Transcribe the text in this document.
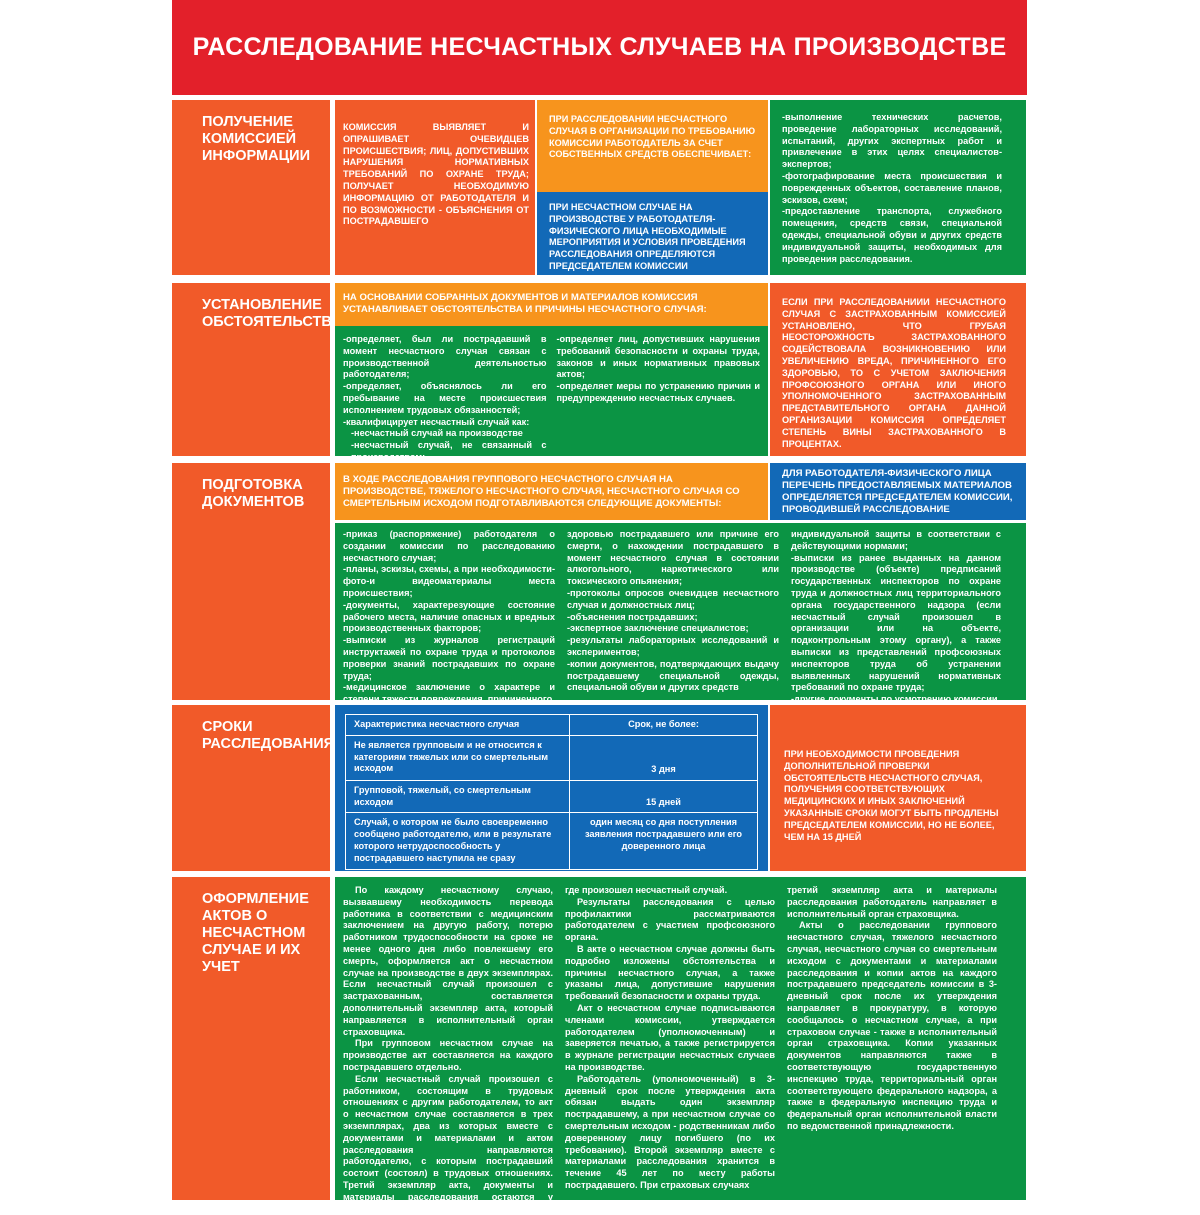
РАССЛЕДОВАНИЕ НЕСЧАСТНЫХ СЛУЧАЕВ НА ПРОИЗВОДСТВЕ
ПОЛУЧЕНИЕ КОМИССИЕЙ ИНФОРМАЦИИ
КОМИССИЯ ВЫЯВЛЯЕТ И ОПРАШИВАЕТ ОЧЕВИДЦЕВ ПРОИСШЕСТВИЯ; ЛИЦ, ДОПУСТИВШИХ НАРУШЕНИЯ НОРМАТИВНЫХ ТРЕБОВАНИЙ ПО ОХРАНЕ ТРУДА; ПОЛУЧАЕТ НЕОБХОДИМУЮ ИНФОРМАЦИЮ ОТ РАБОТОДАТЕЛЯ И ПО ВОЗМОЖНОСТИ - ОБЪЯСНЕНИЯ ОТ ПОСТРАДАВШЕГО
ПРИ РАССЛЕДОВАНИИ НЕСЧАСТНОГО СЛУЧАЯ В ОРГАНИЗАЦИИ ПО ТРЕБОВАНИЮ КОМИССИИ РАБОТОДАТЕЛЬ ЗА СЧЕТ СОБСТВЕННЫХ СРЕДСТВ ОБЕСПЕЧИВАЕТ:
ПРИ НЕСЧАСТНОМ СЛУЧАЕ НА ПРОИЗВОДСТВЕ У РАБОТОДАТЕЛЯ-ФИЗИЧЕСКОГО ЛИЦА НЕОБХОДИМЫЕ МЕРОПРИЯТИЯ И УСЛОВИЯ ПРОВЕДЕНИЯ РАССЛЕДОВАНИЯ ОПРЕДЕЛЯЮТСЯ ПРЕДСЕДАТЕЛЕМ КОМИССИИ
-выполнение технических расчетов, проведение лабораторных исследований, испытаний, других экспертных работ и привлечение в этих целях специалистов-экспертов;
-фотографирование места происшествия и поврежденных объектов, составление планов, эскизов, схем;
-предоставление транспорта, служебного помещения, средств связи, специальной одежды, специальной обуви и других средств индивидуальной защиты, необходимых для проведения расследования.
УСТАНОВЛЕНИЕ ОБСТОЯТЕЛЬСТВ
НА ОСНОВАНИИ СОБРАННЫХ ДОКУМЕНТОВ И МАТЕРИАЛОВ КОМИССИЯ УСТАНАВЛИВАЕТ ОБСТОЯТЕЛЬСТВА И ПРИЧИНЫ НЕСЧАСТНОГО СЛУЧАЯ:
-определяет, был ли пострадавший в момент несчастного случая связан с производственной деятельностью работодателя;
-определяет, объяснялось ли его пребывание на месте происшествия исполнением трудовых обязанностей;
-квалифицирует несчастный случай как:
-несчастный случай на производстве
-несчастный случай, не связанный с производством;
-определяет лиц, допустивших нарушения требований безопасности и охраны труда, законов и иных нормативных правовых актов;
-определяет меры по устранению причин и предупреждению несчастных случаев.
ЕСЛИ ПРИ РАССЛЕДОВАНИИИ НЕСЧАСТНОГО СЛУЧАЯ С ЗАСТРАХОВАННЫМ КОМИССИЕЙ УСТАНОВЛЕНО, ЧТО ГРУБАЯ НЕОСТОРОЖНОСТЬ ЗАСТРАХОВАННОГО СОДЕЙСТВОВАЛА ВОЗНИКНОВЕНИЮ ИЛИ УВЕЛИЧЕНИЮ ВРЕДА, ПРИЧИНЕННОГО ЕГО ЗДОРОВЬЮ, ТО С УЧЕТОМ ЗАКЛЮЧЕНИЯ ПРОФСОЮЗНОГО ОРГАНА ИЛИ ИНОГО УПОЛНОМОЧЕННОГО ЗАСТРАХОВАННЫМ ПРЕДСТАВИТЕЛЬНОГО ОРГАНА ДАННОЙ ОРГАНИЗАЦИИ КОМИССИЯ ОПРЕДЕЛЯЕТ СТЕПЕНЬ ВИНЫ ЗАСТРАХОВАННОГО В ПРОЦЕНТАХ.
ПОДГОТОВКА ДОКУМЕНТОВ
В ХОДЕ РАССЛЕДОВАНИЯ ГРУППОВОГО НЕСЧАСТНОГО СЛУЧАЯ НА ПРОИЗВОДСТВЕ, ТЯЖЕЛОГО НЕСЧАСТНОГО СЛУЧАЯ, НЕСЧАСТНОГО СЛУЧАЯ СО СМЕРТЕЛЬНЫМ ИСХОДОМ ПОДГОТАВЛИВАЮТСЯ СЛЕДУЮЩИЕ ДОКУМЕНТЫ:
ДЛЯ РАБОТОДАТЕЛЯ-ФИЗИЧЕСКОГО ЛИЦА ПЕРЕЧЕНЬ ПРЕДОСТАВЛЯЕМЫХ МАТЕРИАЛОВ ОПРЕДЕЛЯЕТСЯ ПРЕДСЕДАТЕЛЕМ КОМИССИИ, ПРОВОДИВШЕЙ РАССЛЕДОВАНИЕ
-приказ (распоряжение) работодателя о создании комиссии по расследованию несчастного случая;
-планы, эскизы, схемы, а при необходимости-фото-и видеоматериалы места происшествия;
-документы, характерезующие состояние рабочего места, наличие опасных и вредных производственных факторов;
-выписки из журналов регистраций инструктажей по охране труда и протоколов проверки знаний пострадавших по охране труда;
-медицинское заключение о характере и степени тяжести повреждения, причиненного
здоровью пострадавшего или причине его смерти, о нахождении пострадавшего в момент несчастного случая в состоянии алкогольного, наркотического или токсического опьянения;
-протоколы опросов очевидцев несчастного случая и должностных лиц;
-объяснения пострадавших;
-экспертное заключение специалистов;
-результаты лабораторных исследований и экспериментов;
-копии документов, подтверждающих выдачу пострадавшему специальной одежды, специальной обуви и других средств
индивидуальной защиты в соответствии с действующими нормами;
-выписки из ранее выданных на данном производстве (объекте) предписаний государственных инспекторов по охране труда и должностных лиц территориального органа государственного надзора (если несчастный случай произошел в организации или на объекте, подконтрольным этому органу), а также выписки из представлений профсоюзных инспекторов труда об устранении выявленных нарушений нормативных требований по охране труда;
-другие документы по усмотрению комиссии.
СРОКИ РАССЛЕДОВАНИЯ
Характеристика несчастного случая	Срок, не более:
Не является групповым и не относится к категориям тяжелых или со смертельным исходом	3 дня
Групповой, тяжелый, со смертельным исходом	15 дней
Случай, о котором не было своевременно сообщено работодателю, или в результате которого нетрудоспособность у пострадавшего наступила не сразу	один месяц со дня поступления заявления пострадавшего или его доверенного лица
ПРИ НЕОБХОДИМОСТИ ПРОВЕДЕНИЯ ДОПОЛНИТЕЛЬНОЙ ПРОВЕРКИ ОБСТОЯТЕЛЬСТВ НЕСЧАСТНОГО СЛУЧАЯ, ПОЛУЧЕНИЯ СООТВЕТСТВУЮЩИХ МЕДИЦИНСКИХ И ИНЫХ ЗАКЛЮЧЕНИЙ УКАЗАННЫЕ СРОКИ МОГУТ БЫТЬ ПРОДЛЕНЫ ПРЕДСЕДАТЕЛЕМ КОМИССИИ, НО НЕ БОЛЕЕ, ЧЕМ НА 15 ДНЕЙ
ОФОРМЛЕНИЕ АКТОВ О НЕСЧАСТНОМ СЛУЧАЕ И ИХ УЧЕТ

По каждому несчастному случаю, вызвавшему необходимость перевода работника в соответствии с медицинским заключением на другую работу, потерю работником трудоспособности на сроке не менее одного дня либо повлекшему его смерть, оформляется акт о несчастном случае на производстве в двух экземплярах. Если несчастный случай произошел с застрахованным, составляется дополнительный экземпляр акта, который направляется в исполнительный орган страховщика.

При групповом несчастном случае на производстве акт составляется на каждого пострадавшего отдельно.

Если несчастный случай произошел с работником, состоящим в трудовых отношениях с другим работодателем, то акт о несчастном случае составляется в трех экземплярах, два из которых вместе с документами и материалами и актом расследования направляются работодателю, с которым пострадавший состоит (состоял) в трудовых отношениях. Третий экземпляр акта, документы и материалы расследования остаются у работодателя,

где произошел несчастный случай.

Результаты расследования с целью профилактики рассматриваются работодателем с участием профсоюзного органа.

В акте о несчастном случае должны быть подробно изложены обстоятельства и причины несчастного случая, а также указаны лица, допустившие нарушения требований безопасности и охраны труда.

Акт о несчастном случае подписываются членами комиссии, утверждается работодателем (уполномоченным) и заверяется печатью, а также регистрируется в журнале регистрации несчастных случаев на производстве.

Работодатель (уполномоченный) в 3-дневный срок после утверждения акта обязан выдать один экземпляр пострадавшему, а при несчастном случае со смертельным исходом - родственникам либо доверенному лицу погибшего (по их требованию). Второй экземпляр вместе с материалами расследования хранится в течение 45 лет по месту работы пострадавшего. При страховых случаях

третий экземпляр акта и материалы расследования работодатель направляет в исполнительный орган страховщика.

Акты о расследовании группового несчастного случая, тяжелого несчастного случая, несчастного случая со смертельным исходом с документами и материалами расследования и копии актов на каждого пострадавшего председатель комиссии в 3-дневный срок после их утверждения направляет в прокуратуру, в которую сообщалось о несчастном случае, а при страховом случае - также в исполнительный орган страховщика. Копии указанных документов направляются также в соответствующую государственную инспекцию труда, территориальный орган соответствующего федерального надзора, а также в федеральную инспекцию труда и федеральный орган исполнительной власти по ведомственной принадлежности.
